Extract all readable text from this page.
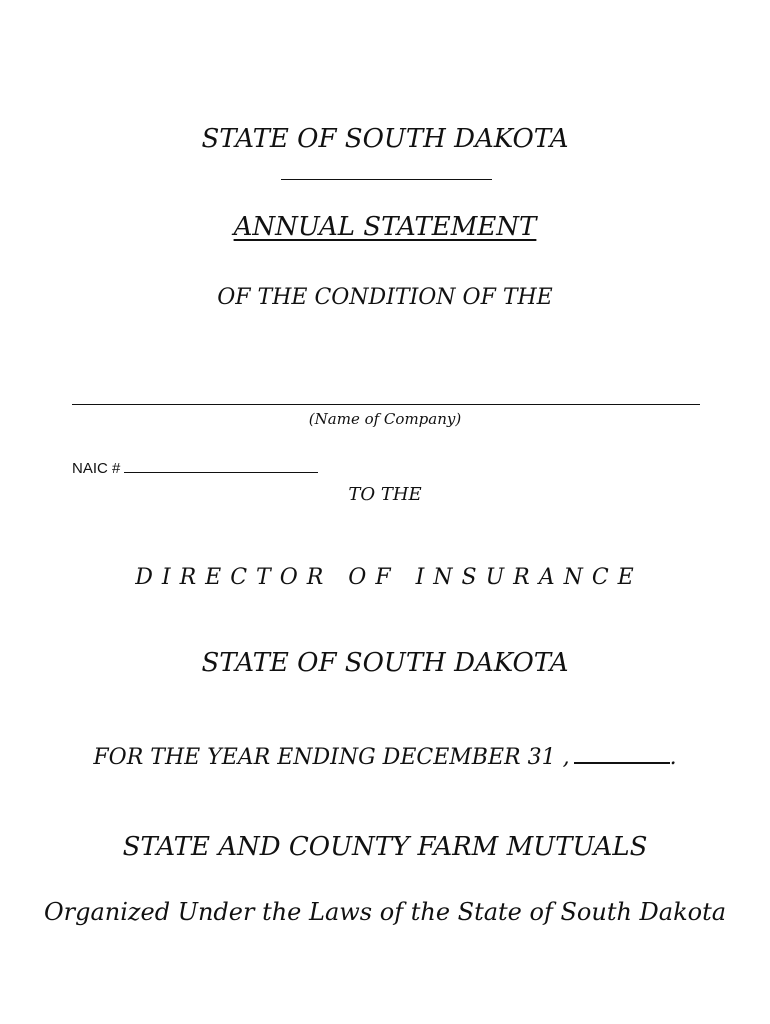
STATE OF SOUTH DAKOTA
ANNUAL STATEMENT
OF THE CONDITION OF THE
(Name of Company)
NAIC #
TO THE
DIRECTOR OF INSURANCE
STATE OF SOUTH DAKOTA
FOR THE YEAR ENDING DECEMBER 31 ,	.
STATE AND COUNTY FARM MUTUALS
Organized Under the Laws of the State of South Dakota
